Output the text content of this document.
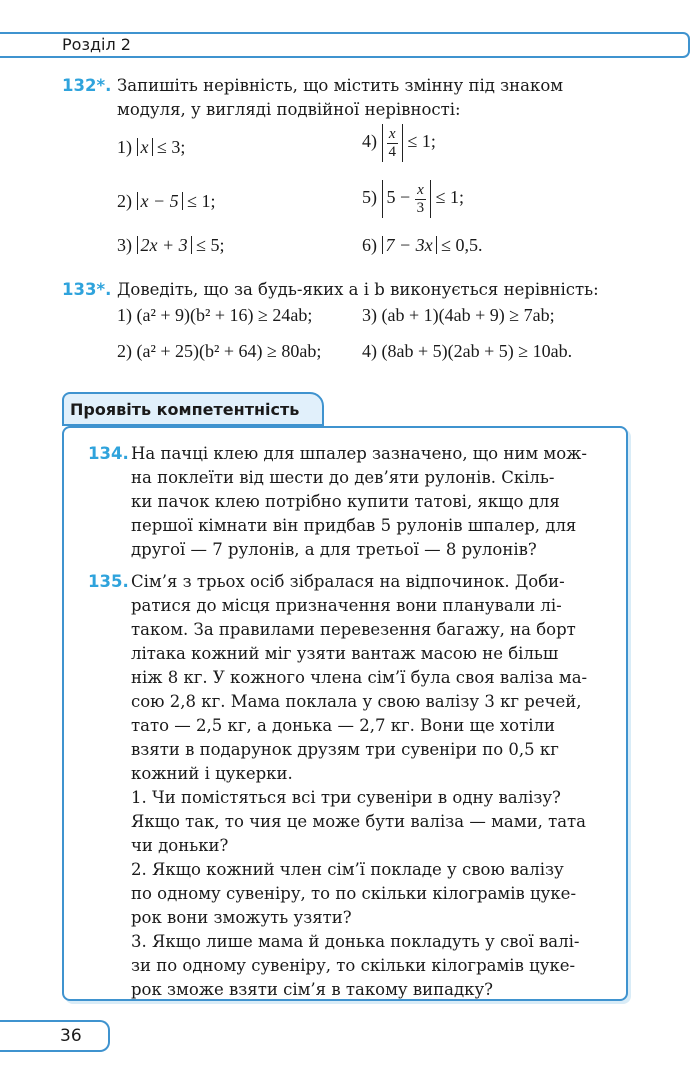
Розділ 2
132*. Запишіть нерівність, що містить змінну під знаком
модуля, у вигляді подвійної нерівності:
1) x ≤ 3;
2) x − 5 ≤ 1;
3) 2x + 3 ≤ 5;
$4) \frac{x}{4} \le 1$;
5) $5 - \frac{x}{3} \le 1$;
6) 7 − 3x ≤ 0,5.
133*. Доведіть, що за будь-яких a і b виконується нерівність:
1) (a² + 9)(b² + 16) ≥ 24ab;	3) (ab + 1)(4ab + 9) ≥ 7ab;
2) (a² + 25)(b² + 64) ≥ 80ab; 4) (8ab + 5)(2ab + 5) ≥ 10ab.
Проявіть компетентність
134. На пачці клею для шпалер зазначено, що ним мож-
на поклеїти від шести до дев’яти рулонів. Скіль-
ки пачок клею потрібно купити татові, якщо для
першої кімнати він придбав 5 рулонів шпалер, для
другої — 7 рулонів, а для третьої — 8 рулонів?
135. Сім’я з трьох осіб зібралася на відпочинок. Доби-
ратися до місця призначення вони планували лі-
таком. За правилами перевезення багажу, на борт
літака кожний міг узяти вантаж масою не більш
ніж 8 кг. У кожного члена сім’ї була своя валіза ма-
сою 2,8 кг. Мама поклала у свою валізу 3 кг речей,
тато — 2,5 кг, а донька — 2,7 кг. Вони ще хотіли
взяти в подарунок друзям три сувеніри по 0,5 кг
кожний і цукерки.
1. Чи помістяться всі три сувеніри в одну валізу?
Якщо так, то чия це може бути валіза — мами, тата
чи доньки?
2. Якщо кожний член сім’ї покладе у свою валізу
по одному сувеніру, то по скільки кілограмів цуке-
рок вони зможуть узяти?
3. Якщо лише мама й донька покладуть у свої валі-
зи по одному сувеніру, то скільки кілограмів цуке-
рок зможе взяти сім’я в такому випадку?
36
